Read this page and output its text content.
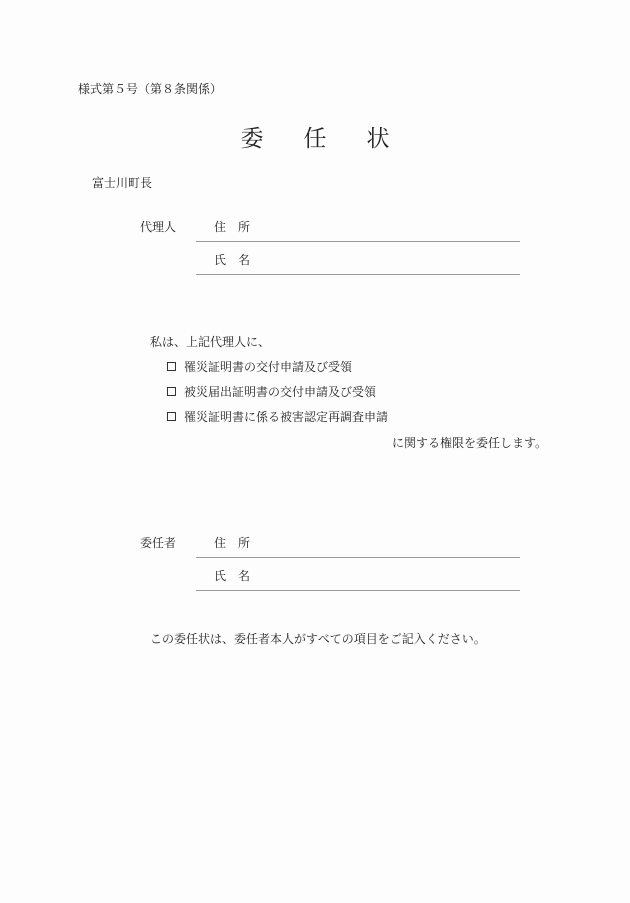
様式第５号（第８条関係）
委 任 状
富士川町長
代理人	住 所
氏 名
私は、上記代理人に、
罹災証明書の交付申請及び受領
被災届出証明書の交付申請及び受領
罹災証明書に係る被害認定再調査申請
に関する権限を委任します。
委任者	住 所
氏 名
この委任状は、委任者本人がすべての項目をご記入ください。
